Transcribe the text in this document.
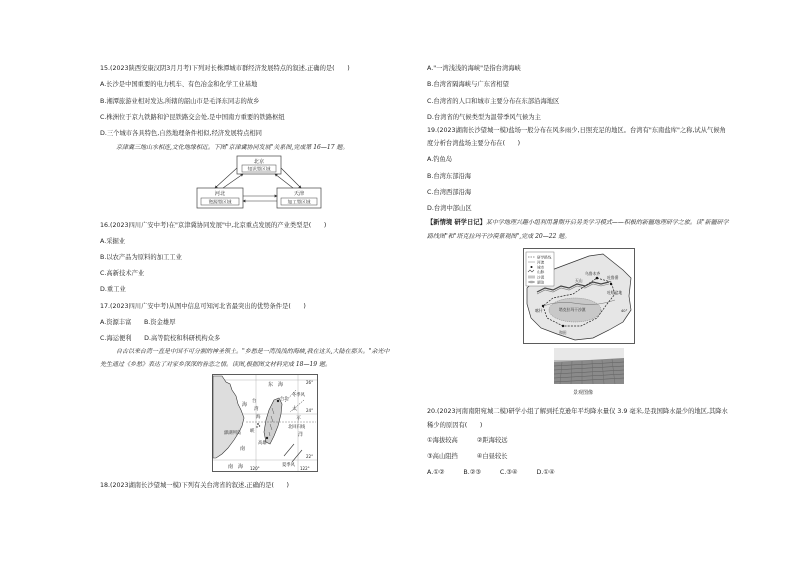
15.(2023陕西安康汉阴3月月考)下列对长株潭城市群经济发展特点的叙述,正确的是(　　)
A.长沙是中国重要的电力机车、有色冶金和化学工业基地
B.湘潭旅游业相对发达,所辖的韶山市是毛泽东同志的故乡
C.株洲位于京九铁路和沪昆铁路交会处,是中国南方重要的铁路枢纽
D.三个城市各具特色,自然地理条件相似,经济发展特点相同
京津冀三地山水相连,文化地缘相近。下图"京津冀协同发展"关系图,完成第 16—17 题。
北京
知识型区域
河北
资源型区域
天津
加工型区域
16.(2023四川广安中考)在"京津冀协同发展"中,北京重点发展的产业类型是(　　)
A.采掘业
B.以农产品为原料的加工工业
C.高新技术产业
D.重工业
17.(2023四川广安中考)从图中信息可知河北省最突出的优势条件是(　　)
A.资源丰富　　B.资金雄厚
C.海运便利　　D.高等院校和科研机构众多
自古以来台湾一直是中国不可分割的神圣领土。"乡愁是一湾浅浅的海峡,我在这头,大陆在那头。"余光中
先生通过《乡愁》表达了对家乡深深的眷恋之情。读图,根据图文材料完成 18—19 题。
东　海
海
台
湾
海
峡
台北
太
平
洋
澎湖列岛
高雄
南
南　海
北回归线
冬季风
夏季风
26°
24°
22°
120°	122°
18.(2023湖南长沙望城一模)下列有关台湾省的叙述,正确的是(　　)
A."一湾浅浅的海峡"是指台湾海峡
B.台湾省隔海峡与广东省相望
C.台湾省的人口和城市主要分布在东部沿海地区
D.台湾省的气候类型为温带季风气候为主
19.(2023湖南长沙望城一模)盐场一般分布在风多雨少,日照充足的地区。台湾有"东南盐库"之称,试从气候角
度分析台湾盐场主要分布在(　　)
A.钓鱼岛
B.台湾东部沿海
C.台湾西部沿海
D.台湾中部山区
【新情境 研学日记】某中学地理兴趣小组利用暑期开启另类学习模式——积极的新疆地理研学之旅。读"新疆研学
路线图"和"塔克拉玛干沙漠景观图",完成 20—22 题。
研学路线
河流
城市
山脉
沙漠
湖泊
乌鲁木齐
吐鲁番
吐哈盆地
天山
塔克拉玛干沙漠
喀什
和田
40°
景观图像
20.(2023河南南阳宛城二模)研学小组了解到托克逊年平均降水量仅 3.9 毫米,是我国降水最少的地区,其降水
稀少的原因有(　　)
①海拔较高　　　②距海较远
③高山阻挡　　　④白昼较长
A.①②　　　B.②③　　　C.③④　　　D.①④
